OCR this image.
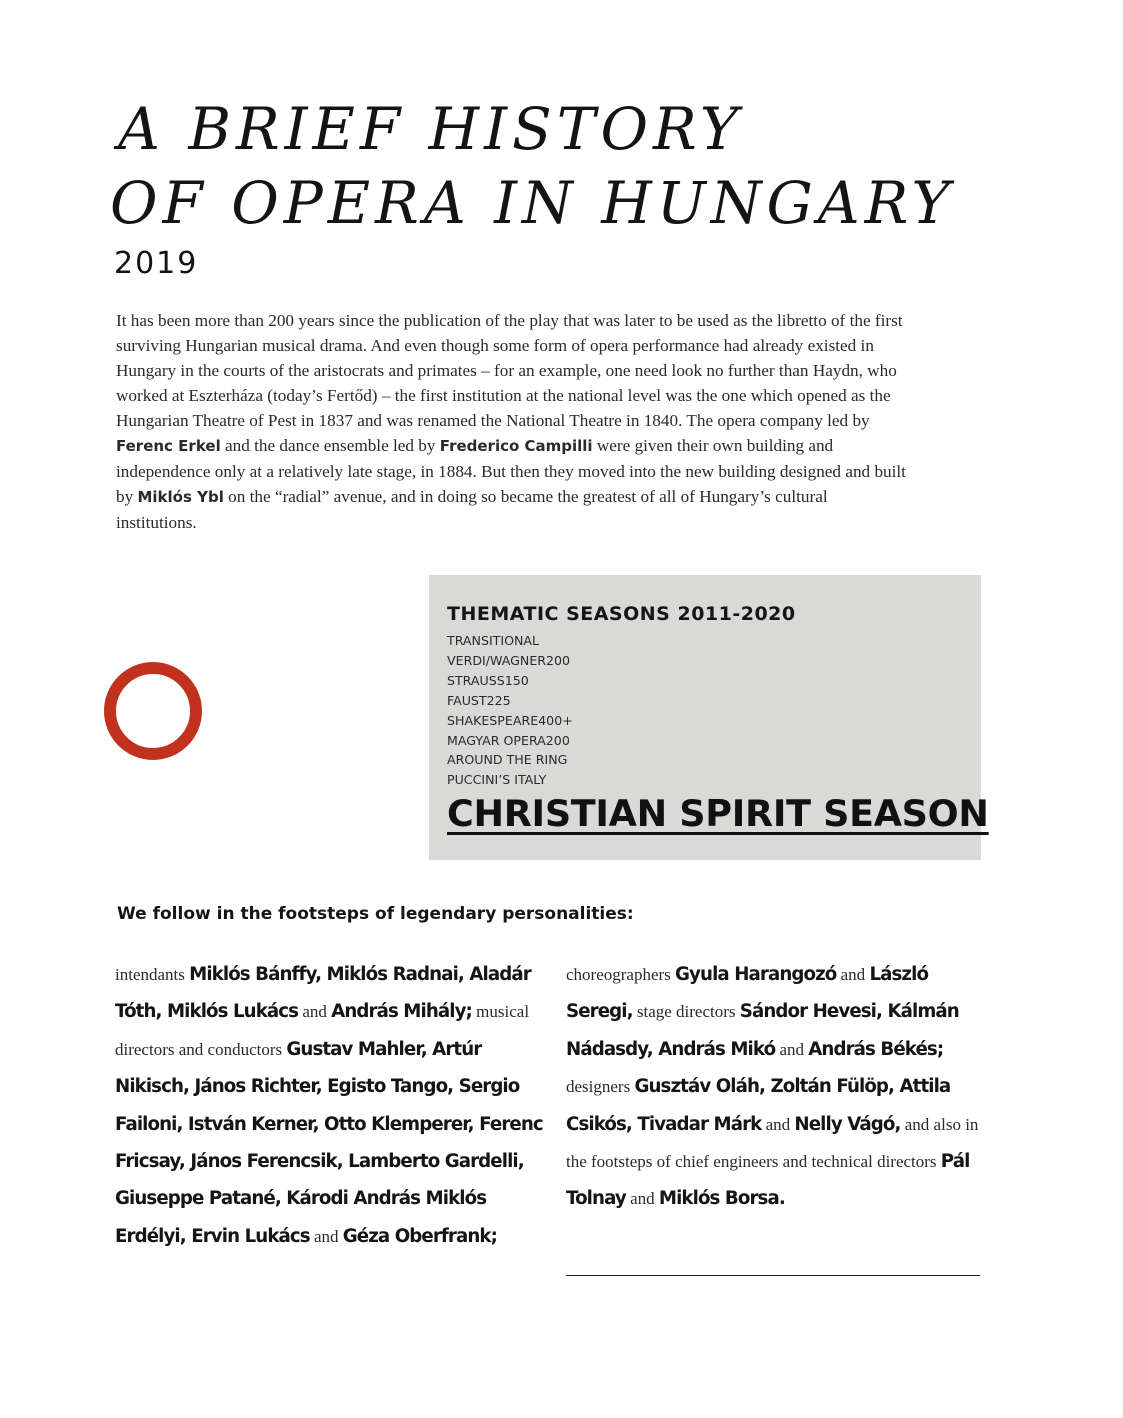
A BRIEF HISTORY
OF OPERA IN HUNGARY
2019

It has been more than 200 years since the publication of the play that was later to be used as the libretto of the first surviving Hungarian musical drama. And even though some form of opera performance had already existed in Hungary in the courts of the aristocrats and primates – for an example, one need look no further than Haydn, who worked at Eszterháza (today’s Fertőd) – the first institution at the national level was the one which opened as the Hungarian Theatre of Pest in 1837 and was renamed the National Theatre in 1840. The opera company led by Ferenc Erkel and the dance ensemble led by Frederico Campilli were given their own building and independence only at a relatively late stage, in 1884. But then they moved into the new building designed and built by Miklós Ybl on the “radial” avenue, and in doing so became the greatest of all of Hungary’s cultural institutions.

THEMATIC SEASONS 2011-2020
TRANSITIONAL
VERDI/WAGNER200
STRAUSS150
FAUST225
SHAKESPEARE400+
MAGYAR OPERA200
AROUND THE RING
PUCCINI’S ITALY
CHRISTIAN SPIRIT SEASON
We follow in the footsteps of legendary personalities:

intendants Miklós Bánffy, Miklós Radnai, Aladár Tóth, Miklós Lukács and András Mihály; musical directors and conductors Gustav Mahler, Artúr Nikisch, János Richter, Egisto Tango, Sergio Failoni, István Kerner, Otto Klemperer, Ferenc Fricsay, János Ferencsik, Lamberto Gardelli, Giuseppe Patané, Károdi András Miklós Erdélyi, Ervin Lukács and Géza Oberfrank;

choreographers Gyula Harangozó and László Seregi, stage directors Sándor Hevesi, Kálmán Nádasdy, András Mikó and András Békés; designers Gusztáv Oláh, Zoltán Fülöp, Attila Csikós, Tivadar Márk and Nelly Vágó, and also in the footsteps of chief engineers and technical directors Pál Tolnay and Miklós Borsa.
